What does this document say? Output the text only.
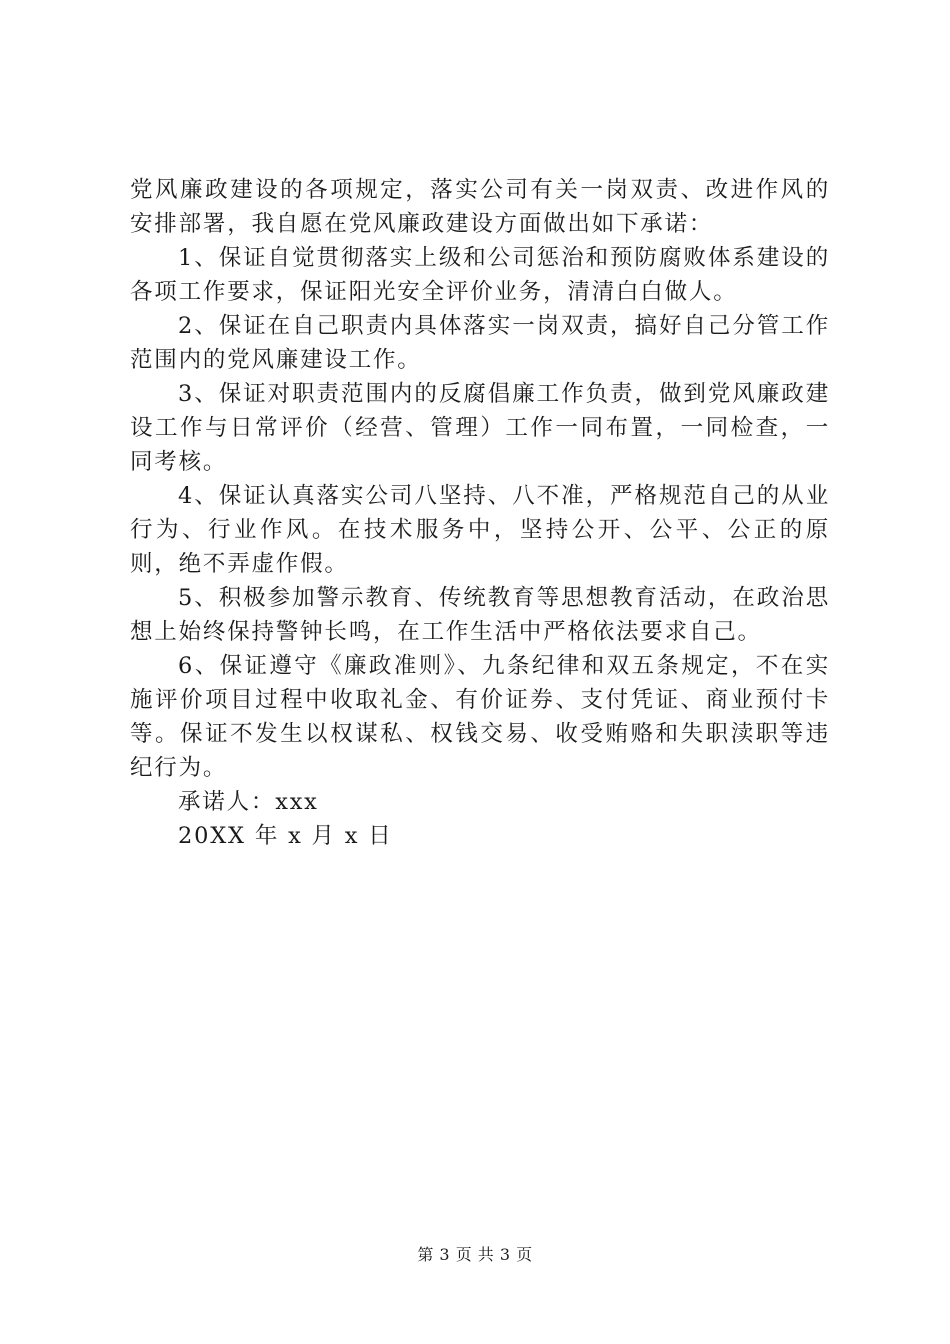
党风廉政建设的各项规定，落实公司有关一岗双责、改进作风的安排部署，我自愿在党风廉政建设方面做出如下承诺：

1、保证自觉贯彻落实上级和公司惩治和预防腐败体系建设的各项工作要求，保证阳光安全评价业务，清清白白做人。

2、保证在自己职责内具体落实一岗双责，搞好自己分管工作范围内的党风廉建设工作。

3、保证对职责范围内的反腐倡廉工作负责，做到党风廉政建设工作与日常评价（经营、管理）工作一同布置，一同检查，一同考核。

4、保证认真落实公司八坚持、八不准，严格规范自己的从业行为、行业作风。在技术服务中，坚持公开、公平、公正的原则，绝不弄虚作假。

5、积极参加警示教育、传统教育等思想教育活动，在政治思想上始终保持警钟长鸣，在工作生活中严格依法要求自己。

6、保证遵守《廉政准则》、九条纪律和双五条规定，不在实施评价项目过程中收取礼金、有价证券、支付凭证、商业预付卡等。保证不发生以权谋私、权钱交易、收受贿赂和失职渎职等违纪行为。

承诺人：xxx

20XX 年 x 月 x 日

第 3 页 共 3 页
